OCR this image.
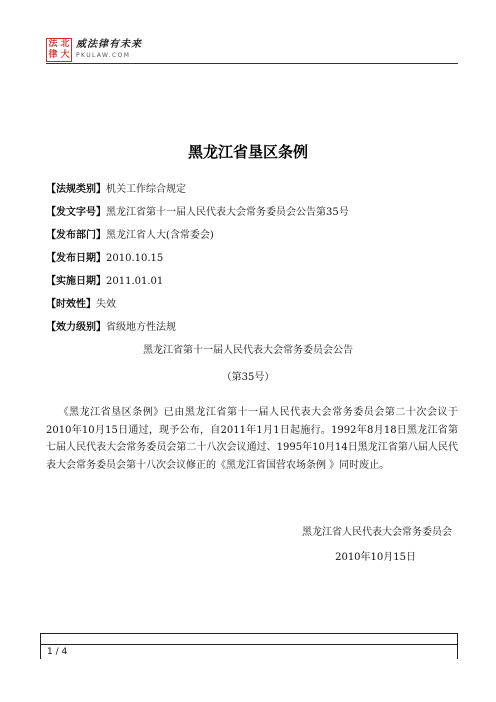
法 北
律 大
威法律有未来
PKULAW.COM
黑龙江省垦区条例
【法规类别】机关工作综合规定
【发文字号】黑龙江省第十一届人民代表大会常务委员会公告第35号
【发布部门】黑龙江省人大(含常委会)
【发布日期】2010.10.15
【实施日期】2011.01.01
【时效性】失效
【效力级别】省级地方性法规
黑龙江省第十一届人民代表大会常务委员会公告
（第35号）
《黑龙江省垦区条例》已由黑龙江省第十一届人民代表大会常务委员会第二十次会议于2010年10月15日通过，现予公布，自2011年1月1日起施行。1992年8月18日黑龙江省第七届人民代表大会常务委员会第二十八次会议通过、1995年10月14日黑龙江省第八届人民代表大会常务委员会第十八次会议修正的《黑龙江省国营农场条例 》同时废止。
黑龙江省人民代表大会常务委员会
2010年10月15日
1 / 4
